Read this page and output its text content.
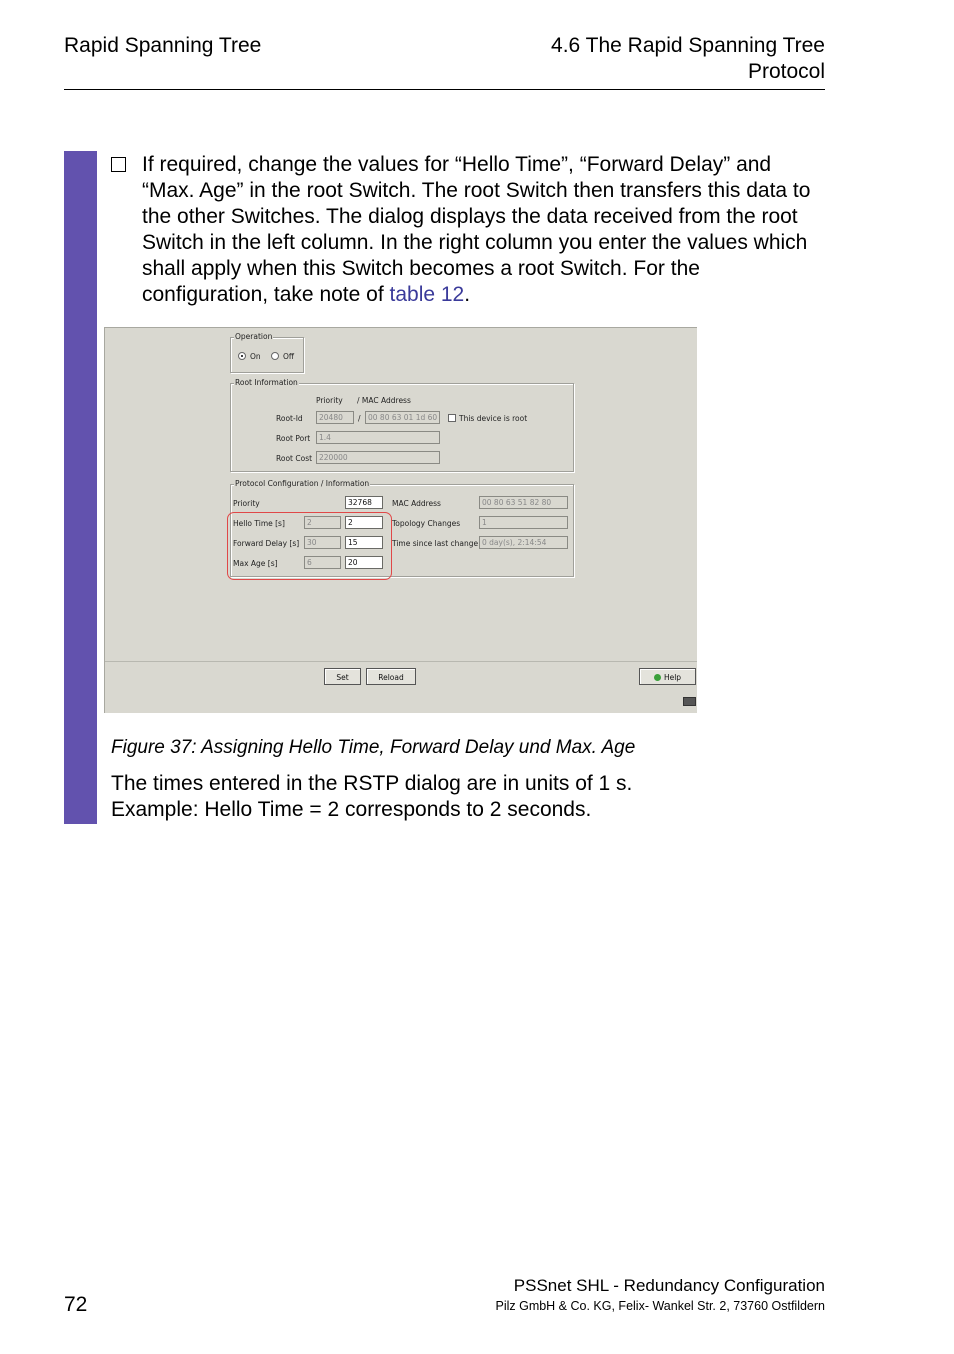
Rapid Spanning Tree	4.6 The Rapid Spanning Tree
Protocol
If required, change the values for “Hello Time”, “Forward Delay” and “Max. Age” in the root Switch. The root Switch then transfers this data to the other Switches. The dialog displays the data received from the root Switch in the left column. In the right column you enter the values which shall apply when this Switch becomes a root Switch. For the configuration, take note of table 12.
Operation
On	Off
Root Information
Priority / MAC Address
Root-Id	20480	/ 00 80 63 01 1d 60	This device is root
Root Port	1.4
Root Cost 220000
Protocol Configuration / Information
Priority	32768
Hello Time [s]	2	2
Forward Delay [s]	30	15
Max Age [s]	6	20
MAC Address	00 80 63 51 82 80
Topology Changes	1
Time since last change 0 day(s), 2:14:54
Set	Reload	Help
Figure 37: Assigning Hello Time, Forward Delay und Max. Age
The times entered in the RSTP dialog are in units of 1 s.
Example: Hello Time = 2 corresponds to 2 seconds.
72
PSSnet SHL - Redundancy Configuration
Pilz GmbH & Co. KG, Felix- Wankel Str. 2, 73760 Ostfildern
